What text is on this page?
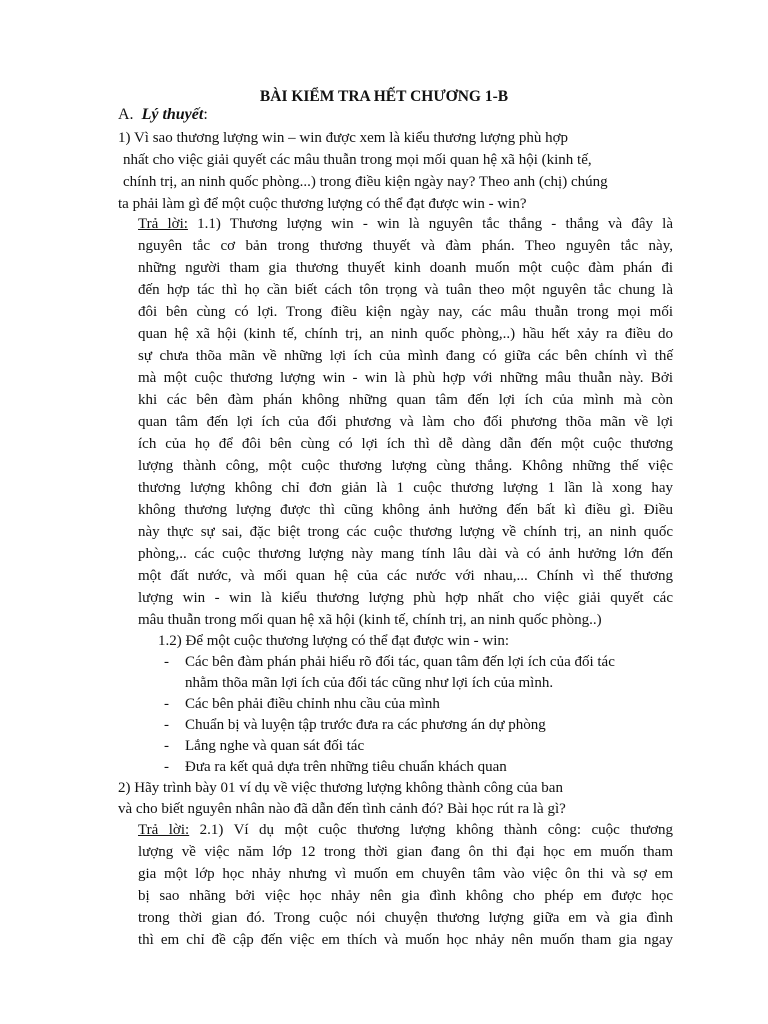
BÀI KIỂM TRA HẾT CHƯƠNG 1-B
A. Lý thuyết:
1) Vì sao thương lượng win – win được xem là kiểu thương lượng phù hợp
nhất cho việc giải quyết các mâu thuẫn trong mọi mối quan hệ xã hội (kinh tế,
chính trị, an ninh quốc phòng...) trong điều kiện ngày nay? Theo anh (chị) chúng
ta phải làm gì để một cuộc thương lượng có thể đạt được win - win?
Trả lời: 1.1) Thương lượng win - win là nguyên tắc thắng - thắng và đây là
nguyên tắc cơ bản trong thương thuyết và đàm phán. Theo nguyên tắc này,
những người tham gia thương thuyết kinh doanh muốn một cuộc đàm phán đi
đến hợp tác thì họ cần biết cách tôn trọng và tuân theo một nguyên tắc chung là
đôi bên cùng có lợi. Trong điều kiện ngày nay, các mâu thuẫn trong mọi mối
quan hệ xã hội (kinh tế, chính trị, an ninh quốc phòng,..) hầu hết xảy ra điều do
sự chưa thõa mãn về những lợi ích của mình đang có giữa các bên chính vì thế
mà một cuộc thương lượng win - win là phù hợp với những mâu thuẫn này. Bởi
khi các bên đàm phán không những quan tâm đến lợi ích của mình mà còn
quan tâm đến lợi ích của đối phương và làm cho đối phương thõa mãn về lợi
ích của họ để đôi bên cùng có lợi ích thì dễ dàng dẫn đến một cuộc thương
lượng thành công, một cuộc thương lượng cùng thắng. Không những thế việc
thương lượng không chỉ đơn giản là 1 cuộc thương lượng 1 lần là xong hay
không thương lượng được thì cũng không ảnh hưởng đến bất kì điều gì. Điều
này thực sự sai, đặc biệt trong các cuộc thương lượng về chính trị, an ninh quốc
phòng,.. các cuộc thương lượng này mang tính lâu dài và có ảnh hưởng lớn đến
một đất nước, và mối quan hệ của các nước với nhau,... Chính vì thế thương
lượng win - win là kiểu thương lượng phù hợp nhất cho việc giải quyết các
mâu thuẫn trong mối quan hệ xã hội (kinh tế, chính trị, an ninh quốc phòng..)
1.2) Để một cuộc thương lượng có thể đạt được win - win:
- Các bên đàm phán phải hiểu rõ đối tác, quan tâm đến lợi ích của đối tác
nhằm thõa mãn lợi ích của đối tác cũng như lợi ích của mình.
- Các bên phải điều chỉnh nhu cầu của mình
- Chuẩn bị và luyện tập trước đưa ra các phương án dự phòng
- Lắng nghe và quan sát đối tác
- Đưa ra kết quả dựa trên những tiêu chuẩn khách quan
2) Hãy trình bày 01 ví dụ về việc thương lượng không thành công của ban
và cho biết nguyên nhân nào đã dẫn đến tình cảnh đó? Bài học rút ra là gì?
Trả lời: 2.1) Ví dụ một cuộc thương lượng không thành công: cuộc thương
lượng về việc năm lớp 12 trong thời gian đang ôn thi đại học em muốn tham
gia một lớp học nhảy nhưng vì muốn em chuyên tâm vào việc ôn thi và sợ em
bị sao nhãng bởi việc học nhảy nên gia đình không cho phép em được học
trong thời gian đó. Trong cuộc nói chuyện thương lượng giữa em và gia đình
thì em chỉ đề cập đến việc em thích và muốn học nhảy nên muốn tham gia ngay
